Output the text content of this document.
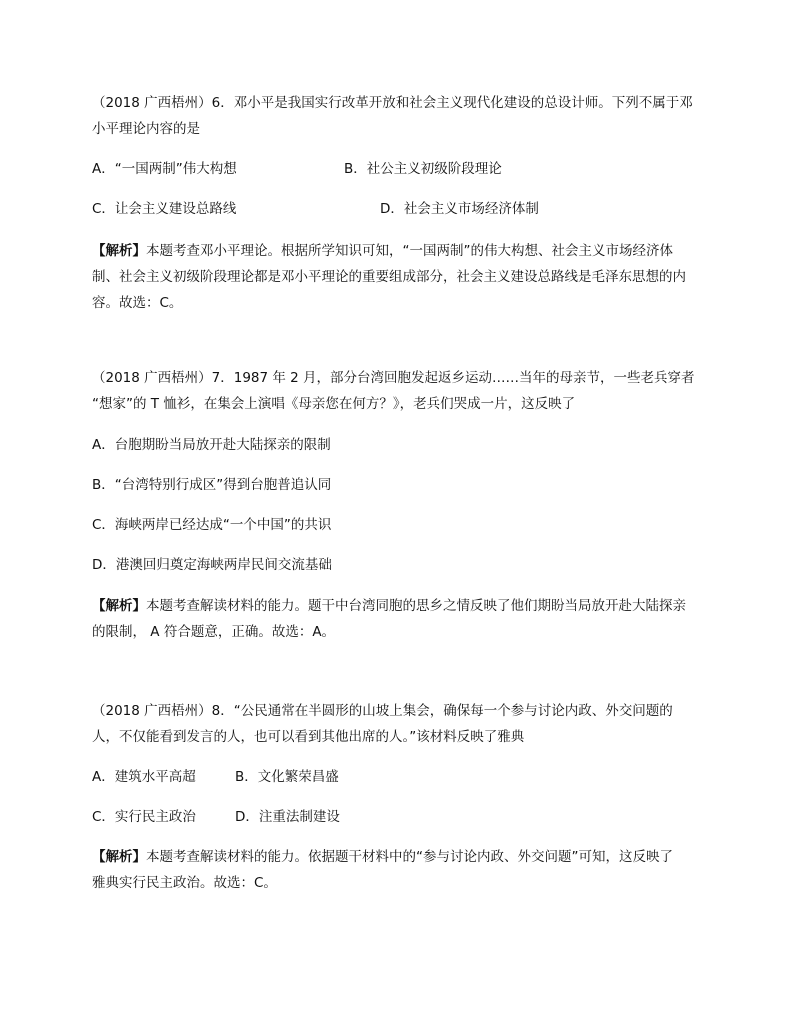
（2018 广西梧州）6．邓小平是我国实行改革开放和社会主义现代化建设的总设计师。下列不属于邓
小平理论内容的是
A．“一国两制”伟大构想	B．社公主义初级阶段理论
C．让会主义建设总路线	D．社会主义市场经济体制
【解析】本题考查邓小平理论。根据所学知识可知，“一国两制”的伟大构想、社会主义市场经济体
制、社会主义初级阶段理论都是邓小平理论的重要组成部分，社会主义建设总路线是毛泽东思想的内
容。故选：C。
（2018 广西梧州）7．1987 年 2 月，部分台湾回胞发起返乡运动……当年的母亲节，一些老兵穿者
“想家”的 T 恤衫，在集会上演唱《母亲您在何方？》，老兵们哭成一片，这反映了
A．台胞期盼当局放开赴大陆探亲的限制
B．“台湾特别行成区”得到台胞普追认同
C．海峡两岸已经达成“一个中国”的共识
D．港澳回归奠定海峡两岸民间交流基础
【解析】本题考查解读材料的能力。题干中台湾同胞的思乡之情反映了他们期盼当局放开赴大陆探亲
的限制， A 符合题意，正确。故选：A。
（2018 广西梧州）8．“公民通常在半圆形的山坡上集会，确保每一个参与讨论内政、外交问题的
人，不仅能看到发言的人，也可以看到其他出席的人。”该材料反映了雅典
A．建筑水平高超	B．文化繁荣昌盛
C．实行民主政治	D．注重法制建设
【解析】本题考查解读材料的能力。依据题干材料中的“参与讨论内政、外交问题”可知，这反映了
雅典实行民主政治。故选：C。
